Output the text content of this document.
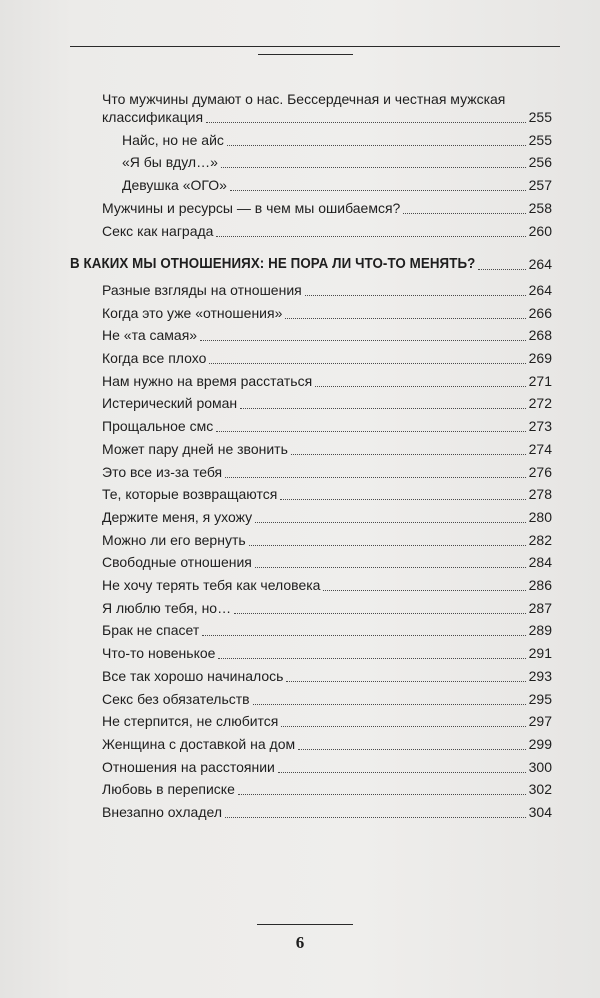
Что мужчины думают о нас. Бессердечная и честная мужская
классификация	255
Найс, но не айс	255
«Я бы вдул…»	256
Девушка «ОГО»	257
Мужчины и ресурсы — в чем мы ошибаемся?	258
Секс как награда	260
В КАКИХ МЫ ОТНОШЕНИЯХ: НЕ ПОРА ЛИ ЧТО-ТО МЕНЯТЬ?	264
Разные взгляды на отношения	264
Когда это уже «отношения»	266
Не «та самая»	268
Когда все плохо	269
Нам нужно на время расстаться	271
Истерический роман	272
Прощальное смс	273
Может пару дней не звонить	274
Это все из-за тебя	276
Те, которые возвращаются	278
Держите меня, я ухожу	280
Можно ли его вернуть	282
Свободные отношения	284
Не хочу терять тебя как человека	286
Я люблю тебя, но…	287
Брак не спасет	289
Что-то новенькое	291
Все так хорошо начиналось	293
Секс без обязательств	295
Не стерпится, не слюбится	297
Женщина с доставкой на дом	299
Отношения на расстоянии	300
Любовь в переписке	302
Внезапно охладел	304
6
